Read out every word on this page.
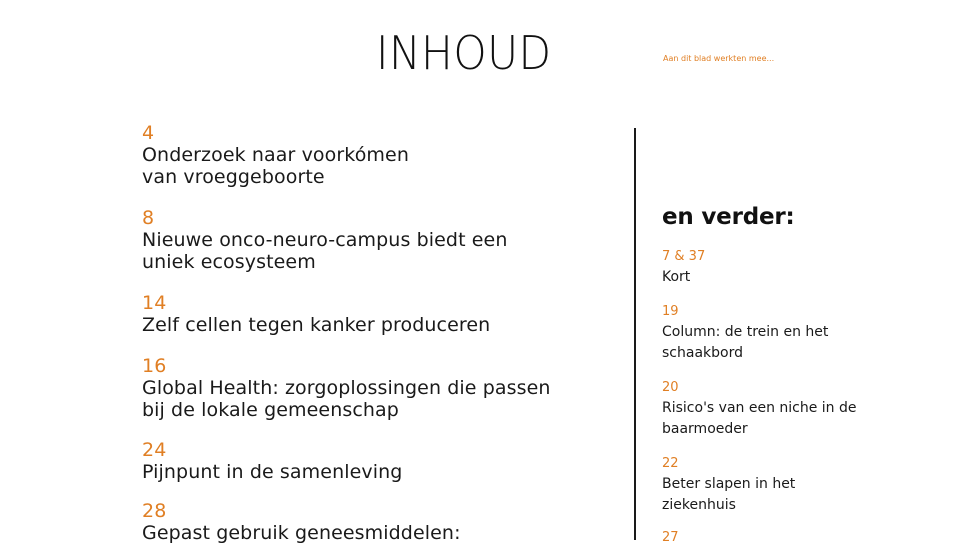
INHOUD	Aan dit blad werkten mee...
4
Onderzoek naar voorkómen
van vroeggeboorte
8
Nieuwe onco-neuro-campus biedt een
uniek ecosysteem
14
Zelf cellen tegen kanker produceren
16
Global Health: zorgoplossingen die passen
bij de lokale gemeenschap
24
Pijnpunt in de samenleving
28
Gepast gebruik geneesmiddelen:
en verder:
7 & 37
Kort
19
Column: de trein en het
schaakbord
20
Risico's van een niche in de
baarmoeder
22
Beter slapen in het
ziekenhuis
27
